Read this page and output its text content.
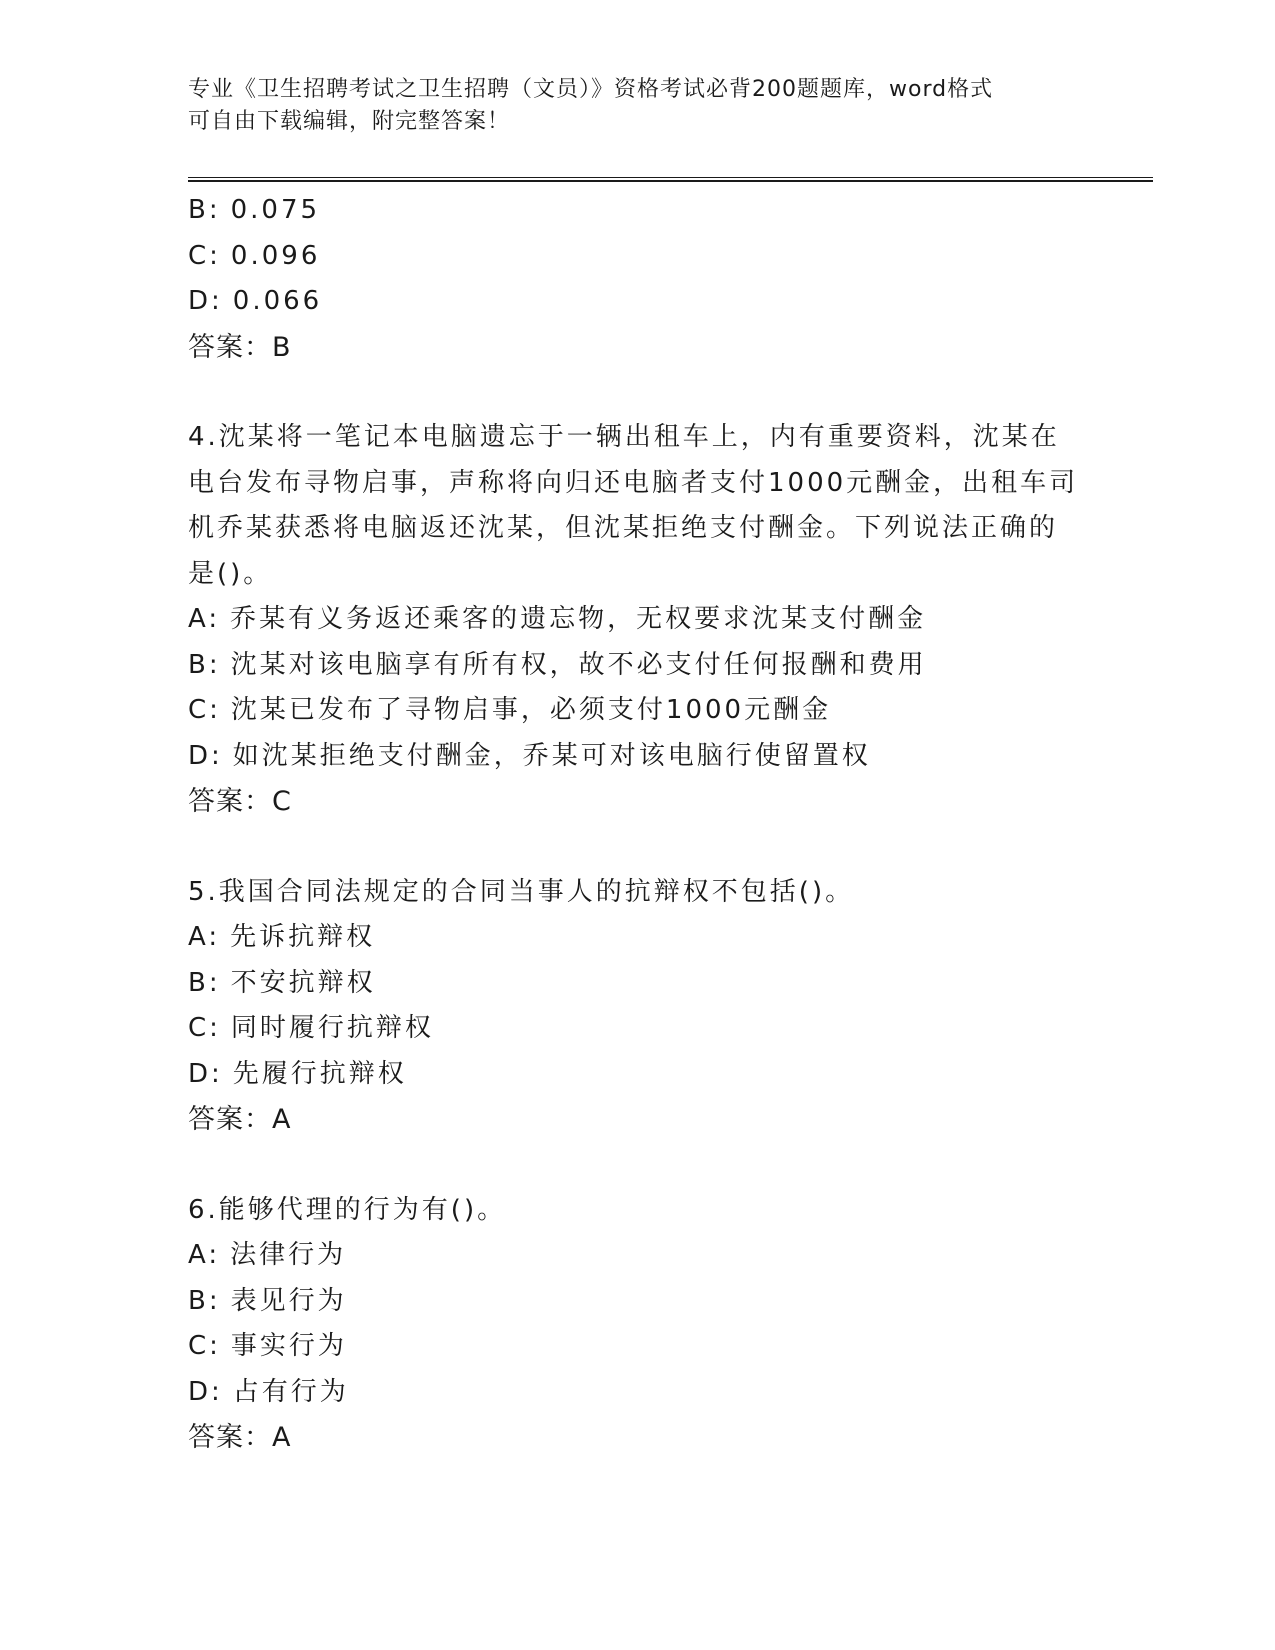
专业《卫生招聘考试之卫生招聘（文员）》资格考试必背200题题库，word格式
可自由下载编辑，附完整答案！
B: 0.075
C: 0.096
D: 0.066
答案：B
4.沈某将一笔记本电脑遗忘于一辆出租车上，内有重要资料，沈某在
电台发布寻物启事，声称将向归还电脑者支付1000元酬金，出租车司
机乔某获悉将电脑返还沈某，但沈某拒绝支付酬金。下列说法正确的
是()。
A: 乔某有义务返还乘客的遗忘物，无权要求沈某支付酬金
B: 沈某对该电脑享有所有权，故不必支付任何报酬和费用
C: 沈某已发布了寻物启事，必须支付1000元酬金
D: 如沈某拒绝支付酬金，乔某可对该电脑行使留置权
答案：C
5.我国合同法规定的合同当事人的抗辩权不包括()。
A: 先诉抗辩权
B: 不安抗辩权
C: 同时履行抗辩权
D: 先履行抗辩权
答案：A
6.能够代理的行为有()。
A: 法律行为
B: 表见行为
C: 事实行为
D: 占有行为
答案：A
